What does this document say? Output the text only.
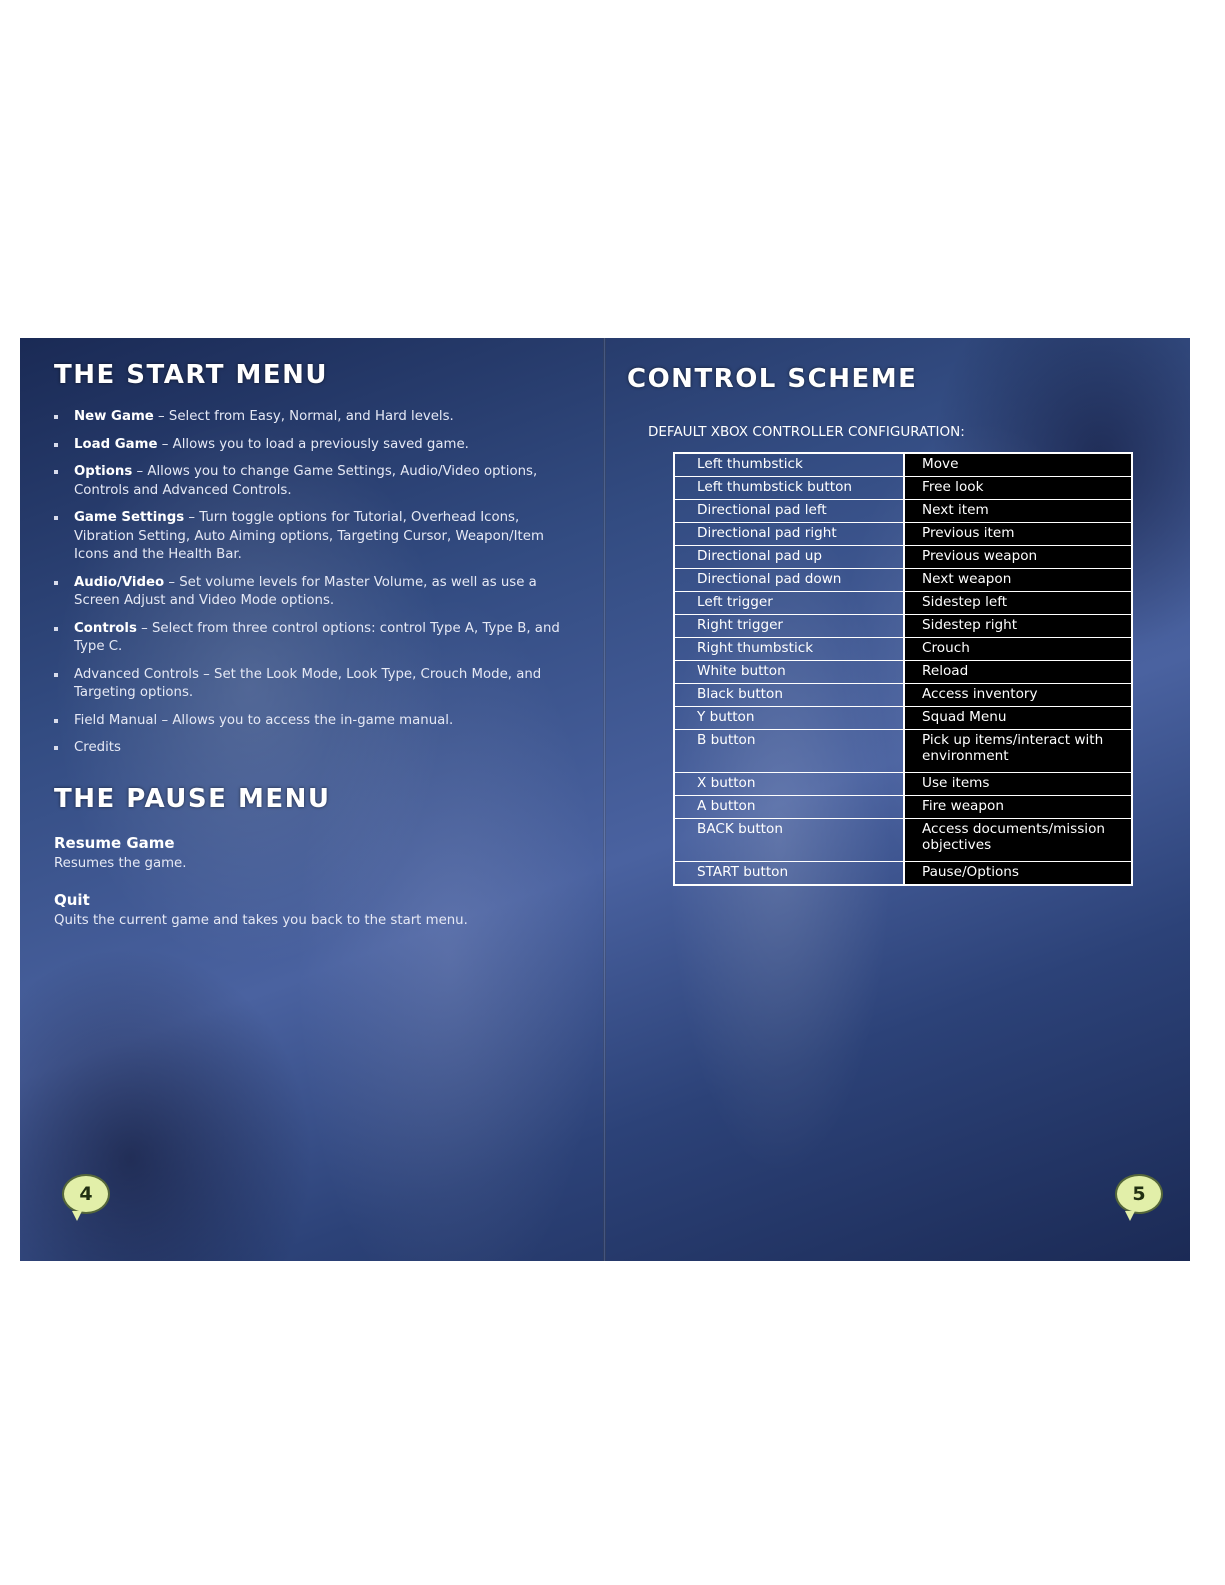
THE START MENU
New Game – Select from Easy, Normal, and Hard levels.
Load Game – Allows you to load a previously saved game.
Options – Allows you to change Game Settings, Audio/Video options, Controls and Advanced Controls.
Game Settings – Turn toggle options for Tutorial, Overhead Icons, Vibration Setting, Auto Aiming options, Targeting Cursor, Weapon/Item Icons and the Health Bar.
Audio/Video – Set volume levels for Master Volume, as well as use a Screen Adjust and Video Mode options.
Controls – Select from three control options: control Type A, Type B, and Type C.
Advanced Controls – Set the Look Mode, Look Type, Crouch Mode, and Targeting options.
Field Manual – Allows you to access the in-game manual.
Credits
THE PAUSE MENU

Resume Game

Resumes the game.

Quit

Quits the current game and takes you back to the start menu.

4
CONTROL SCHEME

DEFAULT XBOX CONTROLLER CONFIGURATION:

Left thumbstick	Move
Left thumbstick button	Free look
Directional pad left	Next item
Directional pad right	Previous item
Directional pad up	Previous weapon
Directional pad down	Next weapon
Left trigger	Sidestep left
Right trigger	Sidestep right
Right thumbstick	Crouch
White button	Reload
Black button	Access inventory
Y button	Squad Menu
B button	Pick up items/interact with environment
X button	Use items
A button	Fire weapon
BACK button	Access documents/mission objectives
START button	Pause/Options
5
